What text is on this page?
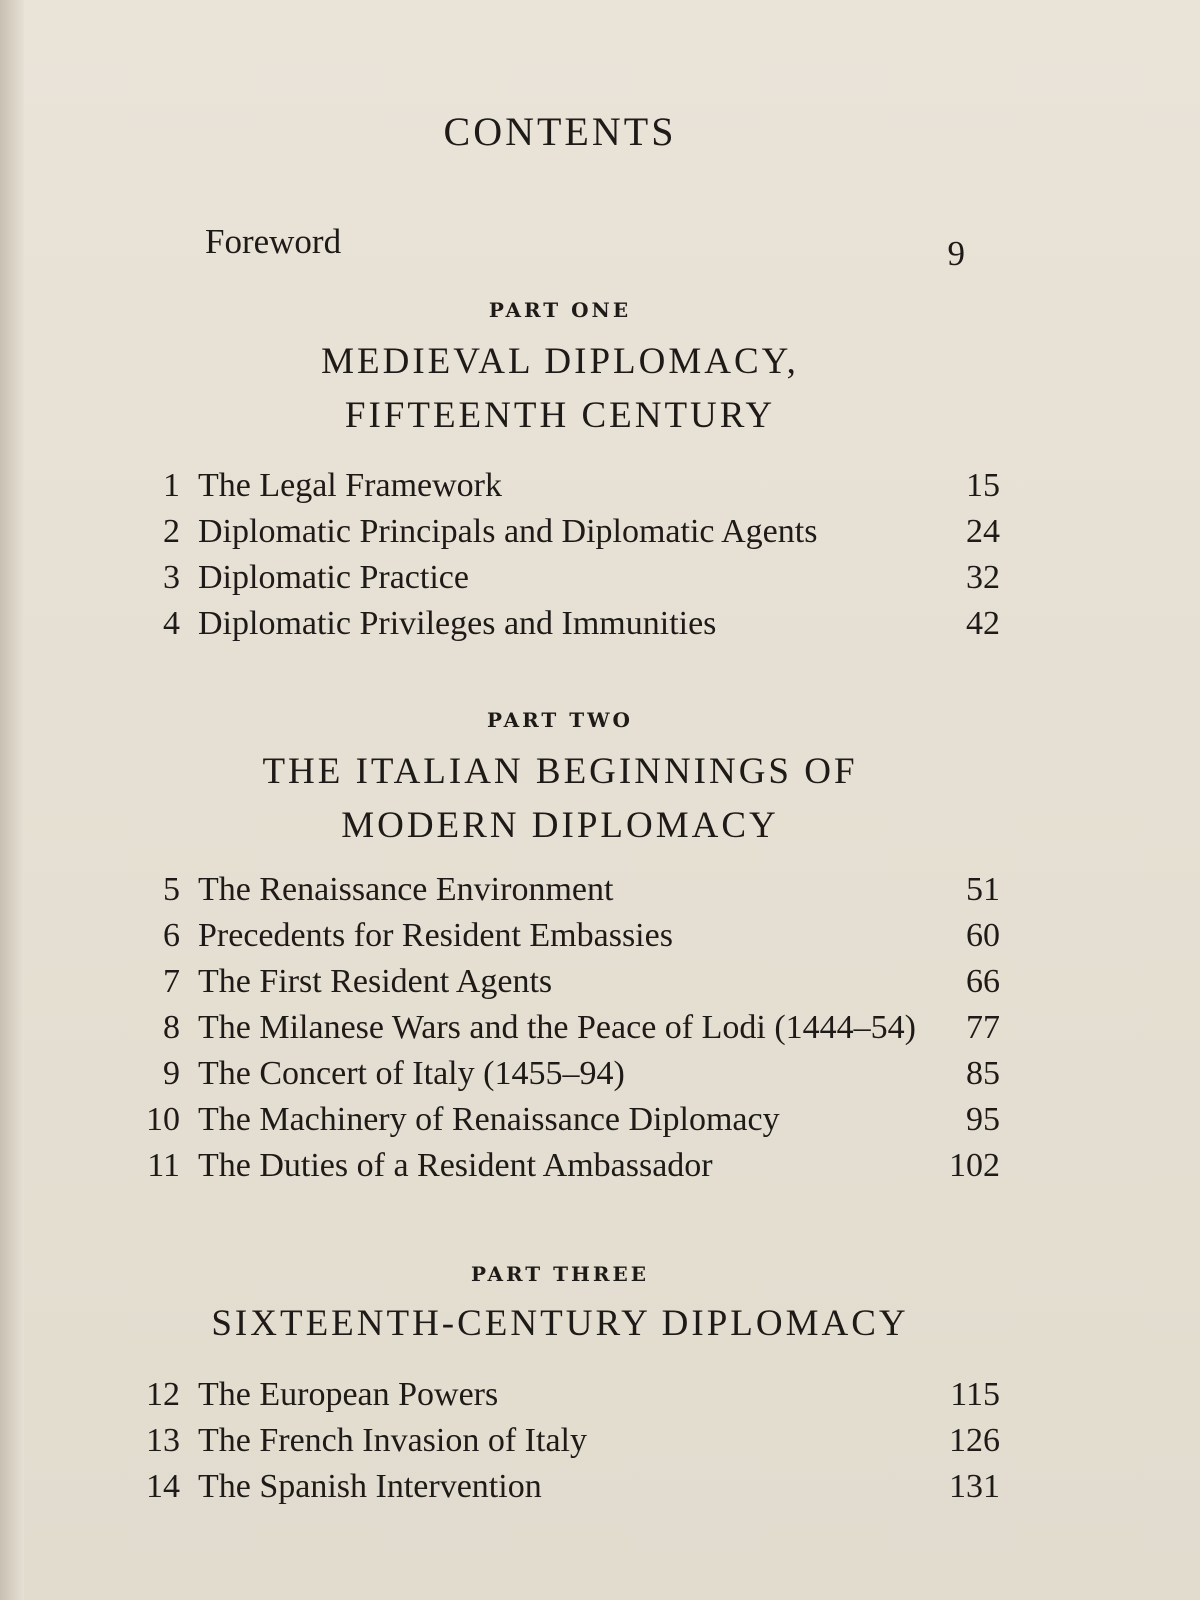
CONTENTS
Foreword	9
PART ONE
MEDIEVAL DIPLOMACY,
FIFTEENTH CENTURY
1 The Legal Framework	15
2 Diplomatic Principals and Diplomatic Agents	24
3 Diplomatic Practice	32
4 Diplomatic Privileges and Immunities	42
PART TWO
THE ITALIAN BEGINNINGS OF
MODERN DIPLOMACY
5 The Renaissance Environment	51
6 Precedents for Resident Embassies	60
7 The First Resident Agents	66
8 The Milanese Wars and the Peace of Lodi (1444–54) 77
9 The Concert of Italy (1455–94)	85
10 The Machinery of Renaissance Diplomacy	95
11 The Duties of a Resident Ambassador	102
PART THREE
SIXTEENTH-CENTURY DIPLOMACY
12 The European Powers	115
13 The French Invasion of Italy	126
14 The Spanish Intervention	131
